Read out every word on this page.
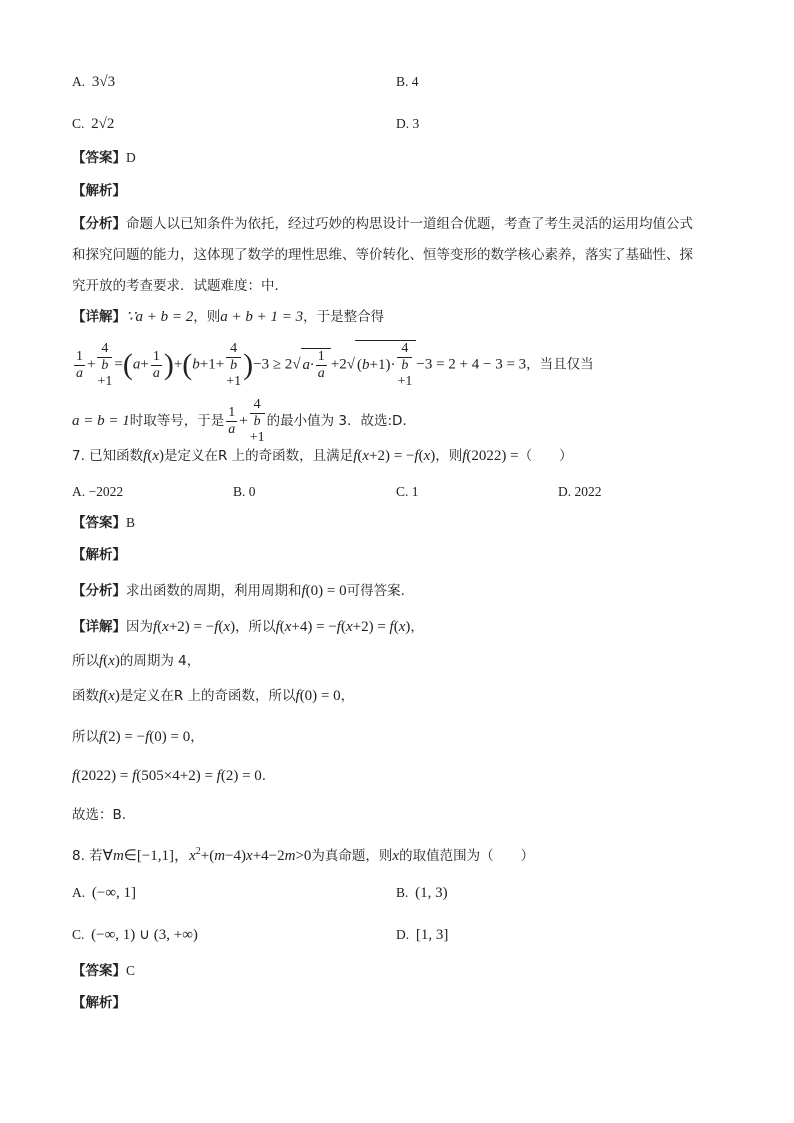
A. 3√3	B. 4
C. 2√2	D. 3
【答案】D
【解析】
【分析】命题人以已知条件为依托，经过巧妙的构思设计一道组合优题，考查了考生灵活的运用均值公式
和探究问题的能力，这体现了数学的理性思维、等价转化、恒等变形的数学核心素养，落实了基础性、探
究开放的考查要求．试题难度：中．
【详解】∵a + b = 2，则a + b + 1 = 3，于是整合得
$\frac{1}{a} + 4$
b
$+1 =(a+ \frac{1}{a} )+(b+1+ 4$
b
+1 )−3 ≥ 2√ $a\cdot \frac{1}{a} +2√$ (b+1)· 4
b
+1 −3 = 2 + 4 − 3 = 3，当且仅当
a = b = 1时取等号，于是 $\frac{1}{a} + 4$
b
+1 的最小值为 3．故选:D．
7. 已知函数f(x)是定义在R 上的奇函数，且满足f(x+2) = −f(x)，则f(2022) =（　　）
A. −2022	B. 0	C. 1	D. 2022
【答案】B
【解析】
【分析】求出函数的周期，利用周期和f(0) = 0可得答案.
【详解】因为f(x+2) = −f(x)，所以f(x+4) = −f(x+2) = f(x)，
所以f(x)的周期为 4，
函数f(x)是定义在R 上的奇函数，所以f(0) = 0，
所以f(2) = −f(0) = 0，
f(2022) = f(505×4+2) = f(2) = 0.
故选：B.
8. 若∀m∈[−1,1]，$x^2+(m-4)x+4-2m>0$为真命题，则x的取值范围为（　　）
A. (−∞, 1]	B. (1, 3)
C. (−∞, 1) ∪ (3, +∞)	D. [1, 3]
【答案】C
【解析】
